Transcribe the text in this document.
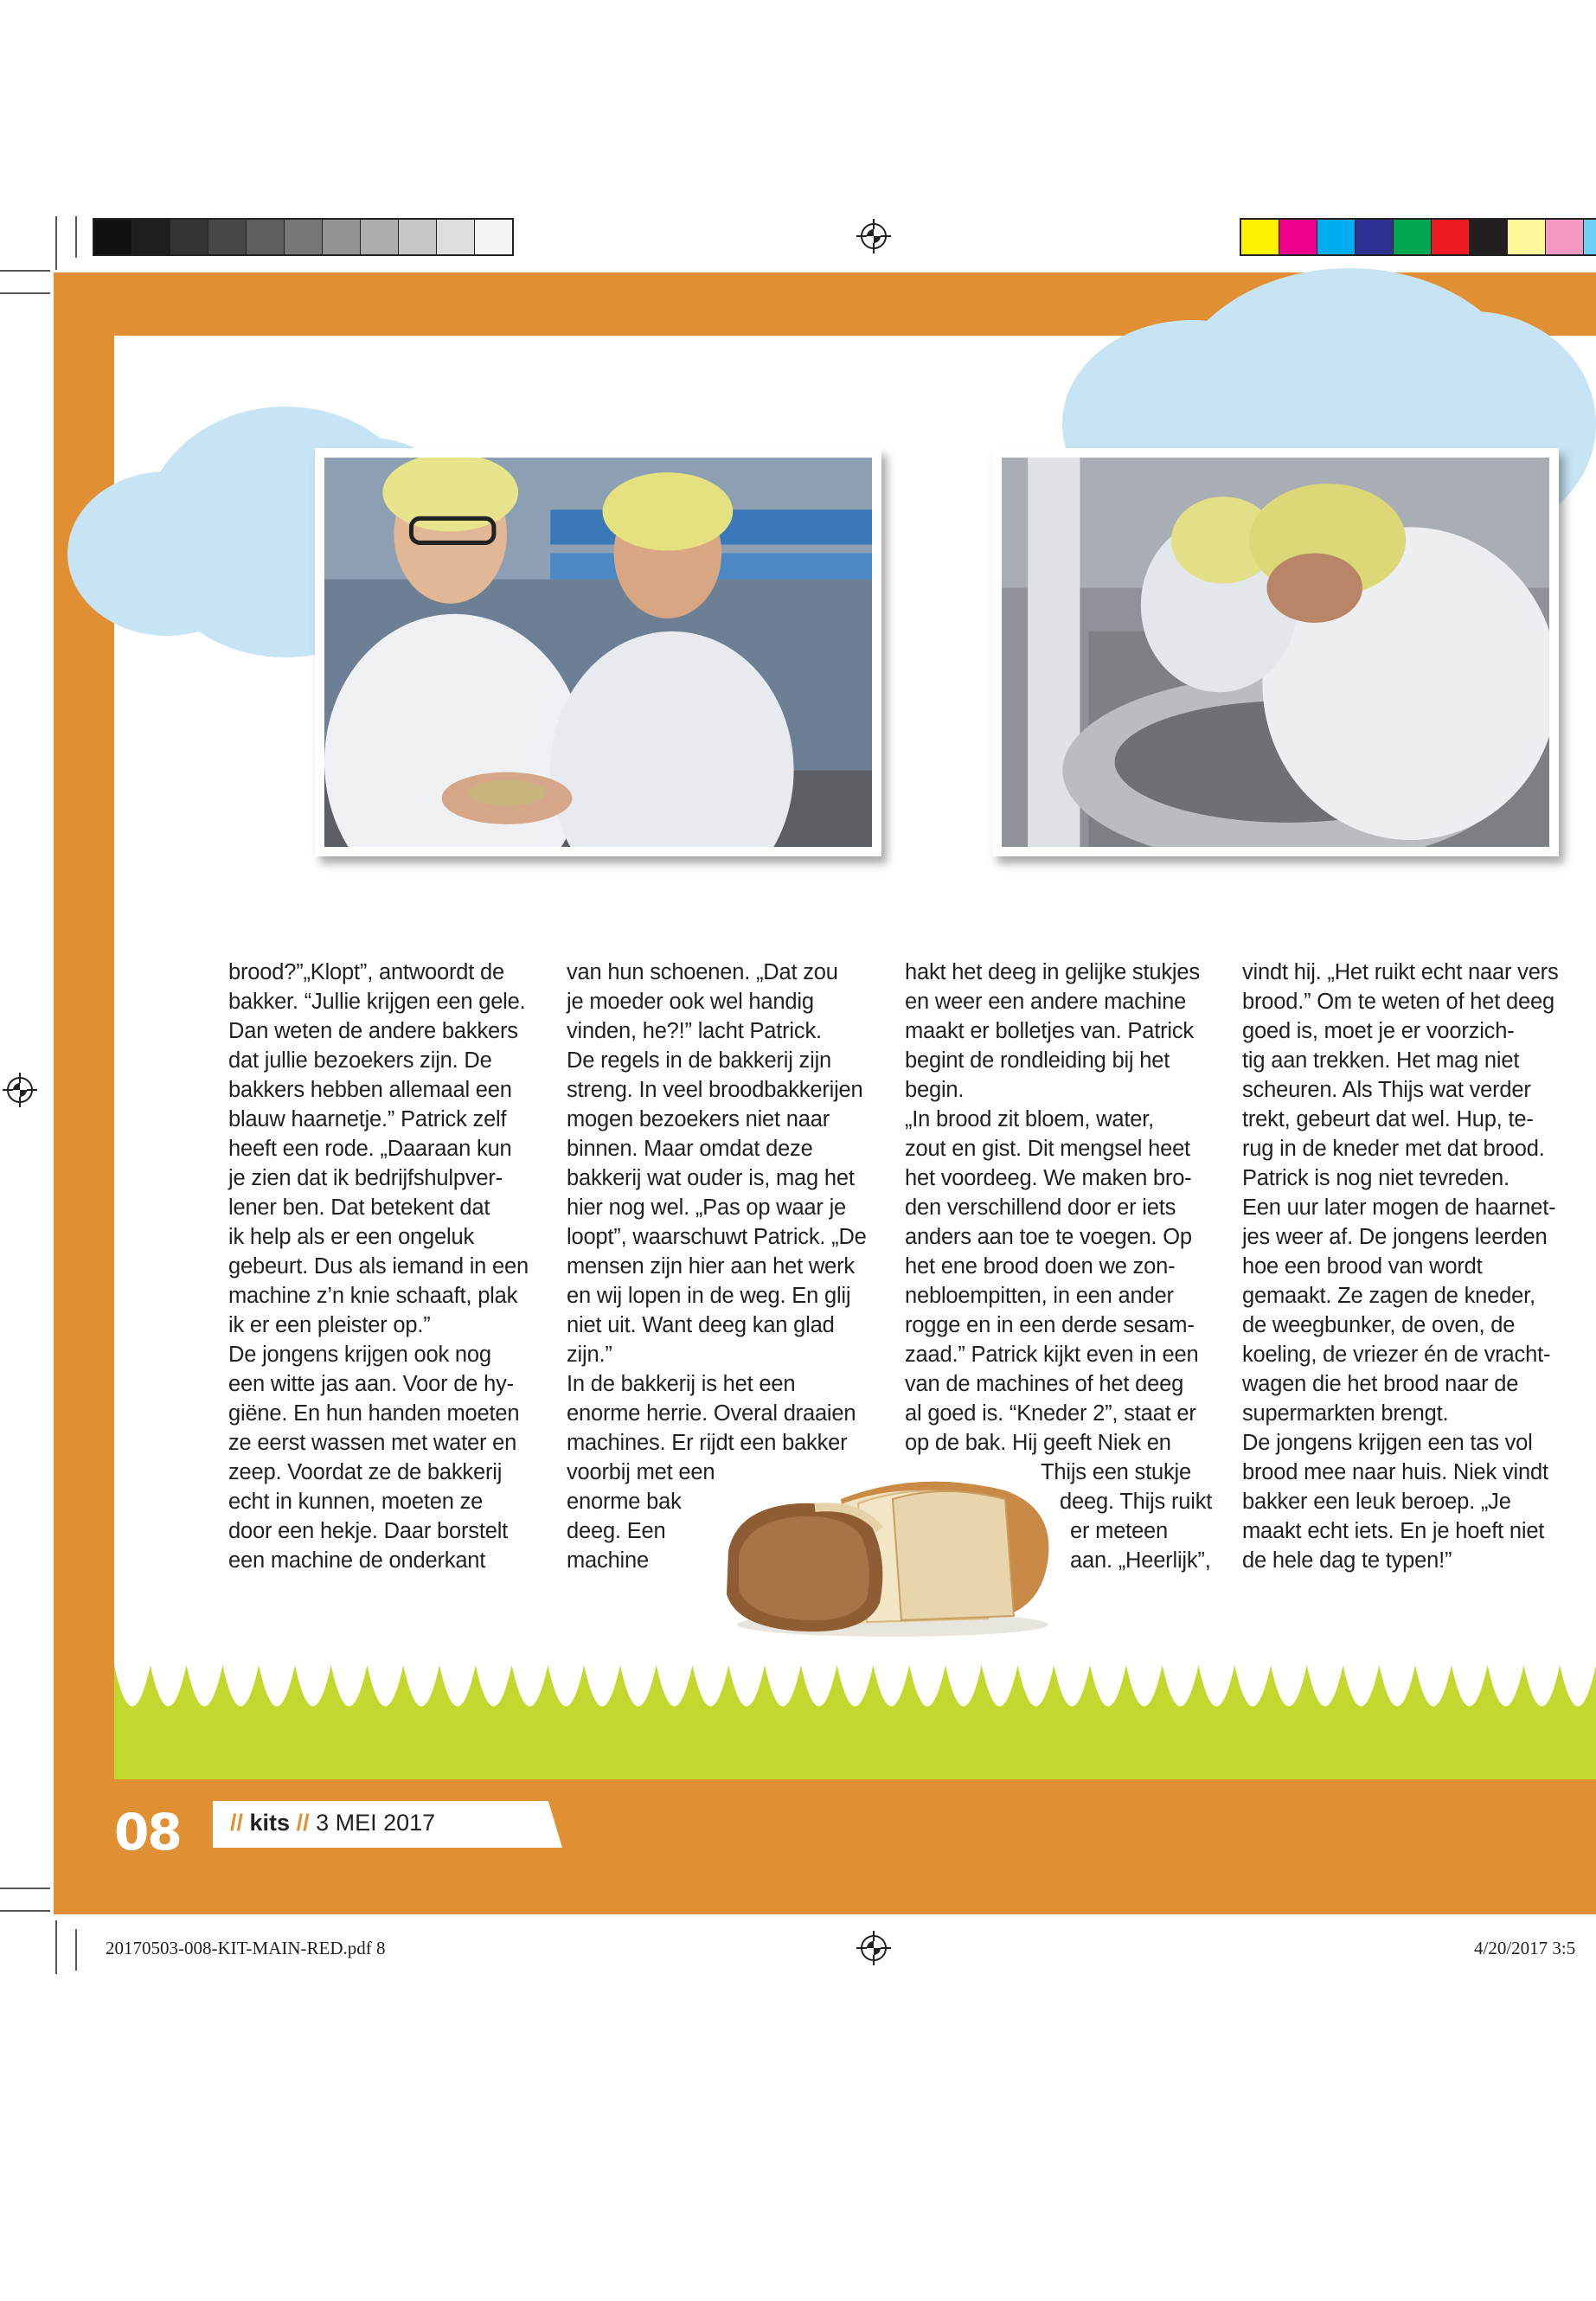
brood?”„Klopt”, antwoordt de
bakker. “Jullie krijgen een gele.
Dan weten de andere bakkers
dat jullie bezoekers zijn. De
bakkers hebben allemaal een
blauw haarnetje.” Patrick zelf
heeft een rode. „Daaraan kun
je zien dat ik bedrijfshulpver-
lener ben. Dat betekent dat
ik help als er een ongeluk
gebeurt. Dus als iemand in een
machine z’n knie schaaft, plak
ik er een pleister op.”
De jongens krijgen ook nog
een witte jas aan. Voor de hy-
giëne. En hun handen moeten
ze eerst wassen met water en
zeep. Voordat ze de bakkerij
echt in kunnen, moeten ze
door een hekje. Daar borstelt
een machine de onderkant
van hun schoenen. „Dat zou
je moeder ook wel handig
vinden, he?!” lacht Patrick.
De regels in de bakkerij zijn
streng. In veel broodbakkerijen
mogen bezoekers niet naar
binnen. Maar omdat deze
bakkerij wat ouder is, mag het
hier nog wel. „Pas op waar je
loopt”, waarschuwt Patrick. „De
mensen zijn hier aan het werk
en wij lopen in de weg. En glij
niet uit. Want deeg kan glad
zijn.”
In de bakkerij is het een
enorme herrie. Overal draaien
machines. Er rijdt een bakker
voorbij met een
enorme bak
deeg. Een
machine
hakt het deeg in gelijke stukjes
en weer een andere machine
maakt er bolletjes van. Patrick
begint de rondleiding bij het
begin.
„In brood zit bloem, water,
zout en gist. Dit mengsel heet
het voordeeg. We maken bro-
den verschillend door er iets
anders aan toe te voegen. Op
het ene brood doen we zon-
nebloempitten, in een ander
rogge en in een derde sesam-
zaad.” Patrick kijkt even in een
van de machines of het deeg
al goed is. “Kneder 2”, staat er
op de bak. Hij geeft Niek en
vindt hij. „Het ruikt echt naar vers
brood.” Om te weten of het deeg
goed is, moet je er voorzich-
tig aan trekken. Het mag niet
scheuren. Als Thijs wat verder
trekt, gebeurt dat wel. Hup, te-
rug in de kneder met dat brood.
Patrick is nog niet tevreden.
Een uur later mogen de haarnet-
jes weer af. De jongens leerden
hoe een brood van wordt
gemaakt. Ze zagen de kneder,
de weegbunker, de oven, de
koeling, de vriezer én de vracht-
wagen die het brood naar de
supermarkten brengt.
De jongens krijgen een tas vol
brood mee naar huis. Niek vindt
bakker een leuk beroep. „Je
maakt echt iets. En je hoeft niet
de hele dag te typen!”
Thijs een stukje
deeg. Thijs ruikt
er meteen
aan. „Heerlijk”,
08 // kits // 3 MEI 2017
20170503-008-KIT-MAIN-RED.pdf 8	4/20/2017 3:5
